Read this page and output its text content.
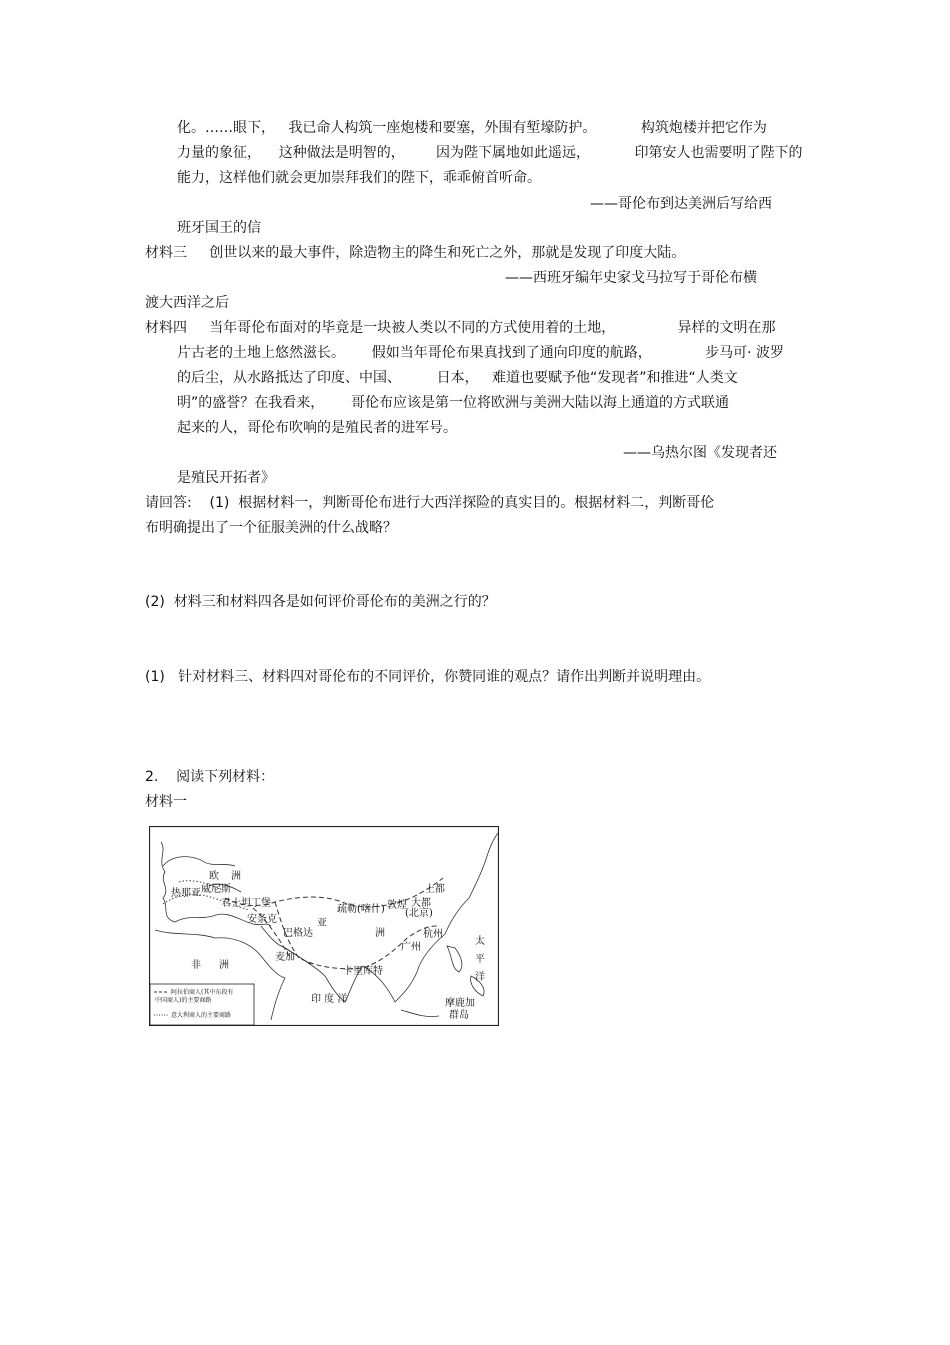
化。……眼下，   我已命人构筑一座炮楼和要塞，外围有堑壕防护。          构筑炮楼并把它作为
力量的象征，    这种做法是明智的，       因为陛下属地如此遥远，          印第安人也需要明了陛下的
能力，这样他们就会更加崇拜我们的陛下，乖乖俯首听命。
——哥伦布到达美洲后写给西
班牙国王的信
材料三     创世以来的最大事件，除造物主的降生和死亡之外，那就是发现了印度大陆。
——西班牙编年史家戈马拉写于哥伦布横
渡大西洋之后
材料四     当年哥伦布面对的毕竟是一块被人类以不同的方式使用着的土地，              异样的文明在那
片古老的土地上悠然滋长。      假如当年哥伦布果真找到了通向印度的航路，            步马可· 波罗
的后尘，从水路抵达了印度、中国、        日本，   难道也要赋予他“发现者”和推进“人类文
明”的盛誉？在我看来，      哥伦布应该是第一位将欧洲与美洲大陆以海上通道的方式联通
起来的人，哥伦布吹响的是殖民者的进军号。
——乌热尔图《发现者还
是殖民开拓者》
请回答:    (1)  根据材料一，判断哥伦布进行大西洋探险的真实目的。根据材料二，判断哥伦
布明确提出了一个征服美洲的什么战略？
(2)  材料三和材料四各是如何评价哥伦布的美洲之行的？
(1)   针对材料三、材料四对哥伦布的不同评价，你赞同谁的观点？请作出判断并说明理由。
2.    阅读下列材料：
材料一
欧 洲
热那亚 威尼斯
君士坦丁堡
安条克
巴格达
亚
洲
疏勒(喀什) 敦煌 大都
(北京)
上都
杭州
广州
非 洲
麦加
卡里库特
太
平
洋
印 度 洋	摩鹿加
群岛
阿拉伯商人(其中东段有
中国商人)的主要商路
意大利商人的主要商路
